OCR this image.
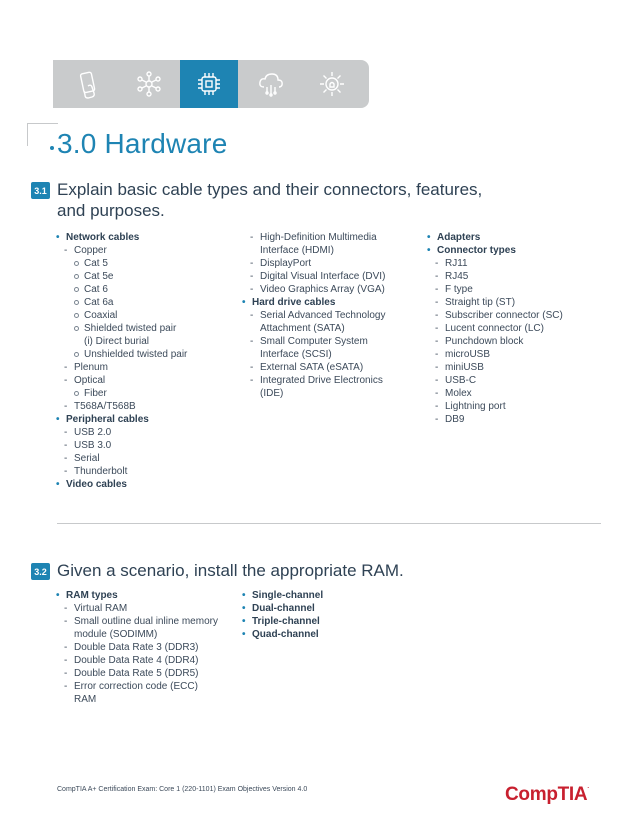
3.0 Hardware
3.1 Explain basic cable types and their connectors, features,
and purposes.
• Network cables
- Copper
Cat 5
Cat 5e
Cat 6
Cat 6a
Coaxial
Shielded twisted pair
(i) Direct burial
Unshielded twisted pair
- Plenum
- Optical
Fiber
- T568A/T568B
• Peripheral cables
- USB 2.0
- USB 3.0
- Serial
- Thunderbolt
• Video cables
- High-Definition Multimedia
Interface (HDMI)
- DisplayPort
- Digital Visual Interface (DVI)
- Video Graphics Array (VGA)
• Hard drive cables
- Serial Advanced Technology
Attachment (SATA)
- Small Computer System
Interface (SCSI)
- External SATA (eSATA)
- Integrated Drive Electronics
(IDE)
• Adapters
• Connector types
- RJ11
- RJ45
- F type
- Straight tip (ST)
- Subscriber connector (SC)
- Lucent connector (LC)
- Punchdown block
- microUSB
- miniUSB
- USB-C
- Molex
- Lightning port
- DB9
3.2 Given a scenario, install the appropriate RAM.
• RAM types
- Virtual RAM
- Small outline dual inline memory
module (SODIMM)
- Double Data Rate 3 (DDR3)
- Double Data Rate 4 (DDR4)
- Double Data Rate 5 (DDR5)
- Error correction code (ECC)
RAM
• Single-channel
• Dual-channel
• Triple-channel
• Quad-channel
CompTIA A+ Certification Exam: Core 1 (220-1101) Exam Objectives Version 4.0	CompTIA.
